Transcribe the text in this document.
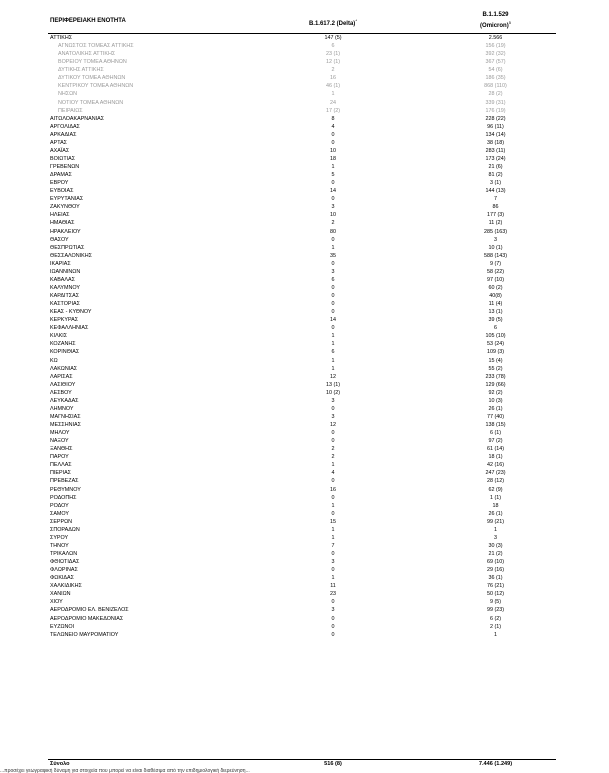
ΠΕΡΙΦΕΡΕΙΑΚΗ ΕΝΟΤΗΤΑ	B.1.617.2 (Delta)$^{^4}$
B.1.1.529
(Omicron)$^5$
ΑΤΤΙΚΗΣ	147 (5)	2.566
ΑΓΝΩΣΤΟΣ ΤΟΜΕΑΣ ΑΤΤΙΚΗΣ	6	156 (19)
ΑΝΑΤΟΛΙΚΗΣ ΑΤΤΙΚΗΣ	23 (1)	392 (32)
ΒΟΡΕΙΟΥ ΤΟΜΕΑ ΑΘΗΝΩΝ	12 (1)	367 (57)
ΔΥΤΙΚΗΣ ΑΤΤΙΚΗΣ	2	54 (6)
ΔΥΤΙΚΟΥ ΤΟΜΕΑ ΑΘΗΝΩΝ	16	186 (35)
ΚΕΝΤΡΙΚΟΥ ΤΟΜΕΑ ΑΘΗΝΩΝ	46 (1)	868 (110)
ΝΗΣΩΝ	1	28 (2)
ΝΟΤΙΟΥ ΤΟΜΕΑ ΑΘΗΝΩΝ	24	339 (31)
ΠΕΙΡΑΙΩΣ	17 (2)	176 (19)
ΑΙΤΩΛΟΑΚΑΡΝΑΝΙΑΣ	8	228 (22)
ΑΡΓΟΛΙΔΑΣ	4	96 (11)
ΑΡΚΑΔΙΑΣ	0	134 (14)
ΑΡΤΑΣ	0	38 (18)
ΑΧΑΪΑΣ	10	283 (11)
ΒΟΙΩΤΙΑΣ	18	173 (24)
ΓΡΕΒΕΝΩΝ	1	21 (6)
ΔΡΑΜΑΣ	5	81 (2)
ΕΒΡΟΥ	0	3 (1)
ΕΥΒΟΙΑΣ	14	144 (13)
ΕΥΡΥΤΑΝΙΑΣ	0	7
ΖΑΚΥΝΘΟΥ	3	86
ΗΛΕΙΑΣ	10	177 (3)
ΗΜΑΘΙΑΣ	2	11 (2)
ΗΡΑΚΛΕΙΟΥ	80	285 (163)
ΘΑΣΟΥ	0	3
ΘΕΣΠΡΩΤΙΑΣ	1	10 (1)
ΘΕΣΣΑΛΟΝΙΚΗΣ	35	588 (143)
ΙΚΑΡΙΑΣ	0	9 (7)
ΙΩΑΝΝΙΝΩΝ	3	58 (22)
ΚΑΒΑΛΑΣ	6	97 (10)
ΚΑΛΥΜΝΟΥ	0	60 (2)
ΚΑΡΔΙΤΣΑΣ	0	40(8)
ΚΑΣΤΟΡΙΑΣ	0	11 (4)
ΚΕΑΣ - ΚΥΘΝΟΥ	0	13 (1)
ΚΕΡΚΥΡΑΣ	14	39 (5)
ΚΕΦΑΛΛΗΝΙΑΣ	0	6
ΚΙΛΚΙΣ	1	105 (10)
ΚΟΖΑΝΗΣ	1	53 (24)
ΚΟΡΙΝΘΙΑΣ	6	109 (3)
ΚΩ	1	15 (4)
ΛΑΚΩΝΙΑΣ	1	55 (2)
ΛΑΡΙΣΑΣ	12	233 (78)
ΛΑΣΙΘΙΟΥ	13 (1)	129 (66)
ΛΕΣΒΟΥ	10 (2)	92 (2)
ΛΕΥΚΑΔΑΣ	3	10 (3)
ΛΗΜΝΟΥ	0	26 (1)
ΜΑΓΝΗΣΙΑΣ	3	77 (40)
ΜΕΣΣΗΝΙΑΣ	12	138 (15)
ΜΗΛΟΥ	0	6 (1)
ΝΑΞΟΥ	0	97 (2)
ΞΑΝΘΗΣ	2	61 (14)
ΠΑΡΟΥ	2	18 (1)
ΠΕΛΛΑΣ	1	42 (16)
ΠΙΕΡΙΑΣ	4	247 (23)
ΠΡΕΒΕΖΑΣ	0	28 (12)
ΡΕΘΥΜΝΟΥ	16	62 (9)
ΡΟΔΟΠΗΣ	0	1 (1)
ΡΟΔΟΥ	1	18
ΣΑΜΟΥ	0	26 (1)
ΣΕΡΡΩΝ	15	99 (21)
ΣΠΟΡΑΔΩΝ	1	1
ΣΥΡΟΥ	1	3
ΤΗΝΟΥ	7	30 (3)
ΤΡΙΚΑΛΩΝ	0	21 (2)
ΦΘΙΩΤΙΔΑΣ	3	69 (10)
ΦΛΩΡΙΝΑΣ	0	29 (16)
ΦΩΚΙΔΑΣ	1	36 (1)
ΧΑΛΚΙΔΙΚΗΣ	11	76 (21)
ΧΑΝΙΩΝ	23	50 (12)
ΧΙΟΥ	0	9 (5)
ΑΕΡΟΔΡΟΜΙΟ ΕΛ. ΒΕΝΙΖΕΛΟΣ	3	99 (23)
ΑΕΡΟΔΡΟΜΙΟ ΜΑΚΕΔΟΝΙΑΣ	0	6 (2)
ΕΥΖΩΝΟΙ	0	2 (1)
ΤΕΛΩΝΕΙΟ ΜΑΥΡΟΜΑΤΙΟΥ	0	1
Σύνολο	516 (8)	7.446 (1.249)
...προσέχει γεωγραφική δύναμη για στοιχεία που μπορεί να είναι διαθέσιμα από την επιδημιολογική διερεύνηση...
